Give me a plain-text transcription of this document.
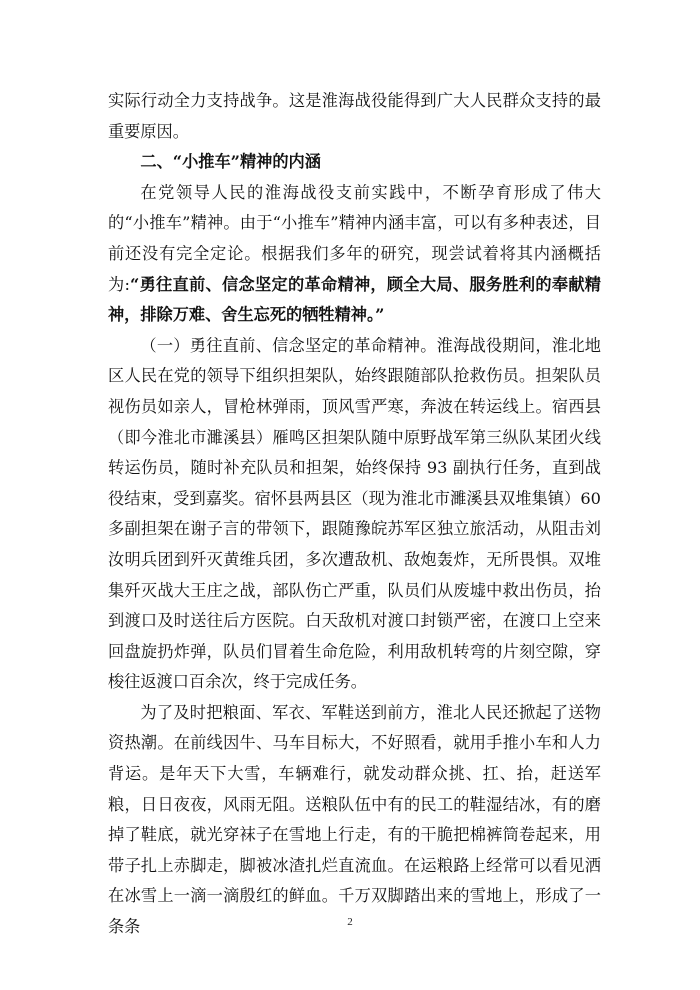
实际行动全力支持战争。这是淮海战役能得到广大人民群众支持的最重要原因。

二、“小推车”精神的内涵

在党领导人民的淮海战役支前实践中，不断孕育形成了伟大的“小推车”精神。由于“小推车”精神内涵丰富，可以有多种表述，目前还没有完全定论。根据我们多年的研究，现尝试着将其内涵概括为:“勇往直前、信念坚定的革命精神，顾全大局、服务胜利的奉献精神，排除万难、舍生忘死的牺牲精神。”

（一）勇往直前、信念坚定的革命精神。淮海战役期间，淮北地区人民在党的领导下组织担架队，始终跟随部队抢救伤员。担架队员视伤员如亲人，冒枪林弹雨，顶风雪严寒，奔波在转运线上。宿西县（即今淮北市濉溪县）雁鸣区担架队随中原野战军第三纵队某团火线转运伤员，随时补充队员和担架，始终保持 93 副执行任务，直到战役结束，受到嘉奖。宿怀县两县区（现为淮北市濉溪县双堆集镇）60多副担架在谢子言的带领下，跟随豫皖苏军区独立旅活动，从阻击刘汝明兵团到歼灭黄维兵团，多次遭敌机、敌炮轰炸，无所畏惧。双堆集歼灭战大王庄之战，部队伤亡严重，队员们从废墟中救出伤员，抬到渡口及时送往后方医院。白天敌机对渡口封锁严密，在渡口上空来回盘旋扔炸弹，队员们冒着生命危险，利用敌机转弯的片刻空隙，穿梭往返渡口百余次，终于完成任务。

为了及时把粮面、军衣、军鞋送到前方，淮北人民还掀起了送物资热潮。在前线因牛、马车目标大，不好照看，就用手推小车和人力背运。是年天下大雪，车辆难行，就发动群众挑、扛、抬，赶送军粮，日日夜夜，风雨无阻。送粮队伍中有的民工的鞋湿结冰，有的磨掉了鞋底，就光穿袜子在雪地上行走，有的干脆把棉裤筒卷起来，用带子扎上赤脚走，脚被冰渣扎烂直流血。在运粮路上经常可以看见洒在冰雪上一滴一滴殷红的鲜血。千万双脚踏出来的雪地上，形成了一条条	2
